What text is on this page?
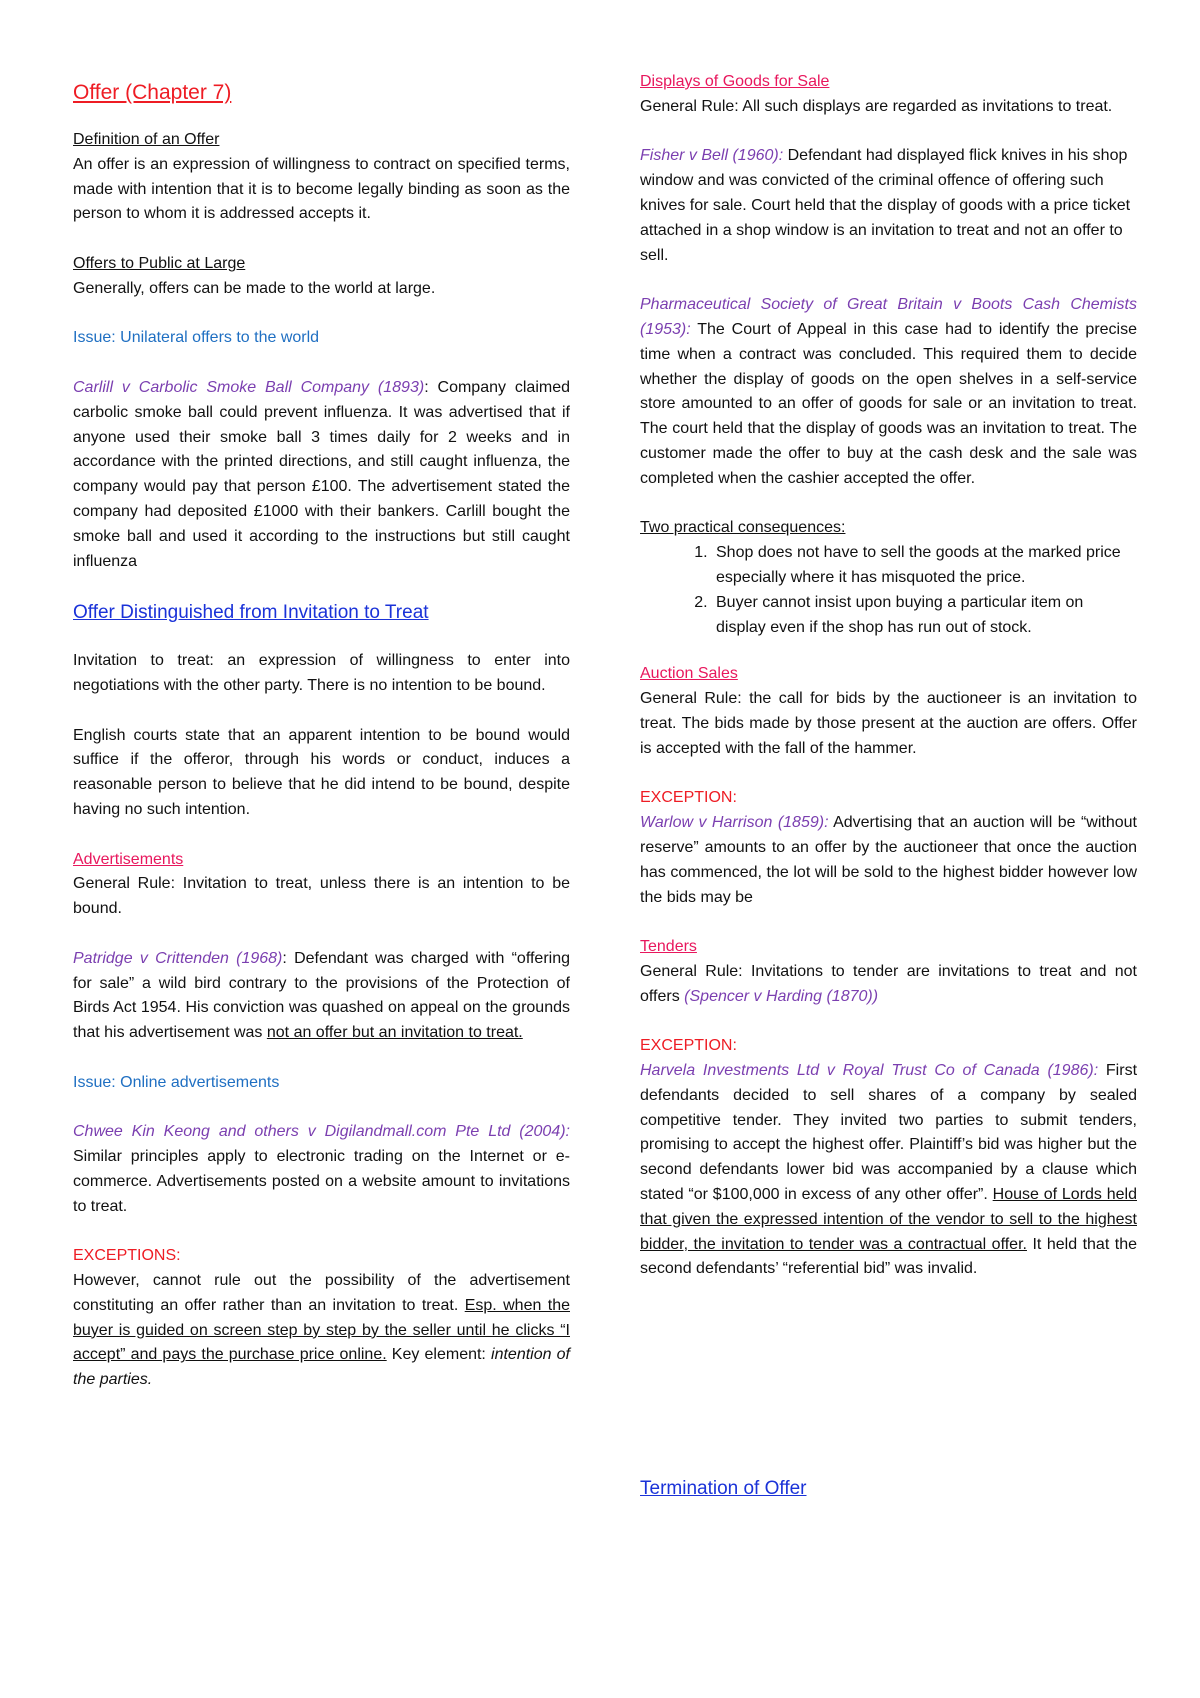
Offer (Chapter 7)

Definition of an Offer
An offer is an expression of willingness to contract on specified terms, made with intention that it is to become legally binding as soon as the person to whom it is addressed accepts it.

Offers to Public at Large
Generally, offers can be made to the world at large.

Issue: Unilateral offers to the world

Carlill v Carbolic Smoke Ball Company (1893): Company claimed carbolic smoke ball could prevent influenza. It was advertised that if anyone used their smoke ball 3 times daily for 2 weeks and in accordance with the printed directions, and still caught influenza, the company would pay that person £100. The advertisement stated the company had deposited £1000 with their bankers. Carlill bought the smoke ball and used it according to the instructions but still caught influenza

Offer Distinguished from Invitation to Treat

Invitation to treat: an expression of willingness to enter into negotiations with the other party. There is no intention to be bound.

English courts state that an apparent intention to be bound would suffice if the offeror, through his words or conduct, induces a reasonable person to believe that he did intend to be bound, despite having no such intention.

Advertisements
General Rule: Invitation to treat, unless there is an intention to be bound.

Patridge v Crittenden (1968): Defendant was charged with “offering for sale” a wild bird contrary to the provisions of the Protection of Birds Act 1954. His conviction was quashed on appeal on the grounds that his advertisement was not an offer but an invitation to treat.

Issue: Online advertisements

Chwee Kin Keong and others v Digilandmall.com Pte Ltd (2004): Similar principles apply to electronic trading on the Internet or e-commerce. Advertisements posted on a website amount to invitations to treat.

EXCEPTIONS:
However, cannot rule out the possibility of the advertisement constituting an offer rather than an invitation to treat. Esp. when the buyer is guided on screen step by step by the seller until he clicks “I accept” and pays the purchase price online. Key element: intention of the parties.

Displays of Goods for Sale
General Rule: All such displays are regarded as invitations to treat.

Fisher v Bell (1960): Defendant had displayed flick knives in his shop window and was convicted of the criminal offence of offering such knives for sale. Court held that the display of goods with a price ticket attached in a shop window is an invitation to treat and not an offer to sell.

Pharmaceutical Society of Great Britain v Boots Cash Chemists (1953): The Court of Appeal in this case had to identify the precise time when a contract was concluded. This required them to decide whether the display of goods on the open shelves in a self-service store amounted to an offer of goods for sale or an invitation to treat. The court held that the display of goods was an invitation to treat. The customer made the offer to buy at the cash desk and the sale was completed when the cashier accepted the offer.

Two practical consequences:
1. Shop does not have to sell the goods at the marked price especially where it has misquoted the price.
2. Buyer cannot insist upon buying a particular item on display even if the shop has run out of stock.

Auction Sales
General Rule: the call for bids by the auctioneer is an invitation to treat. The bids made by those present at the auction are offers. Offer is accepted with the fall of the hammer.

EXCEPTION:
Warlow v Harrison (1859): Advertising that an auction will be “without reserve” amounts to an offer by the auctioneer that once the auction has commenced, the lot will be sold to the highest bidder however low the bids may be

Tenders
General Rule: Invitations to tender are invitations to treat and not offers (Spencer v Harding (1870))

EXCEPTION:
Harvela Investments Ltd v Royal Trust Co of Canada (1986): First defendants decided to sell shares of a company by sealed competitive tender. They invited two parties to submit tenders, promising to accept the highest offer. Plaintiff’s bid was higher but the second defendants lower bid was accompanied by a clause which stated “or $100,000 in excess of any other offer”. House of Lords held that given the expressed intention of the vendor to sell to the highest bidder, the invitation to tender was a contractual offer. It held that the second defendants’ “referential bid” was invalid.

Termination of Offer
